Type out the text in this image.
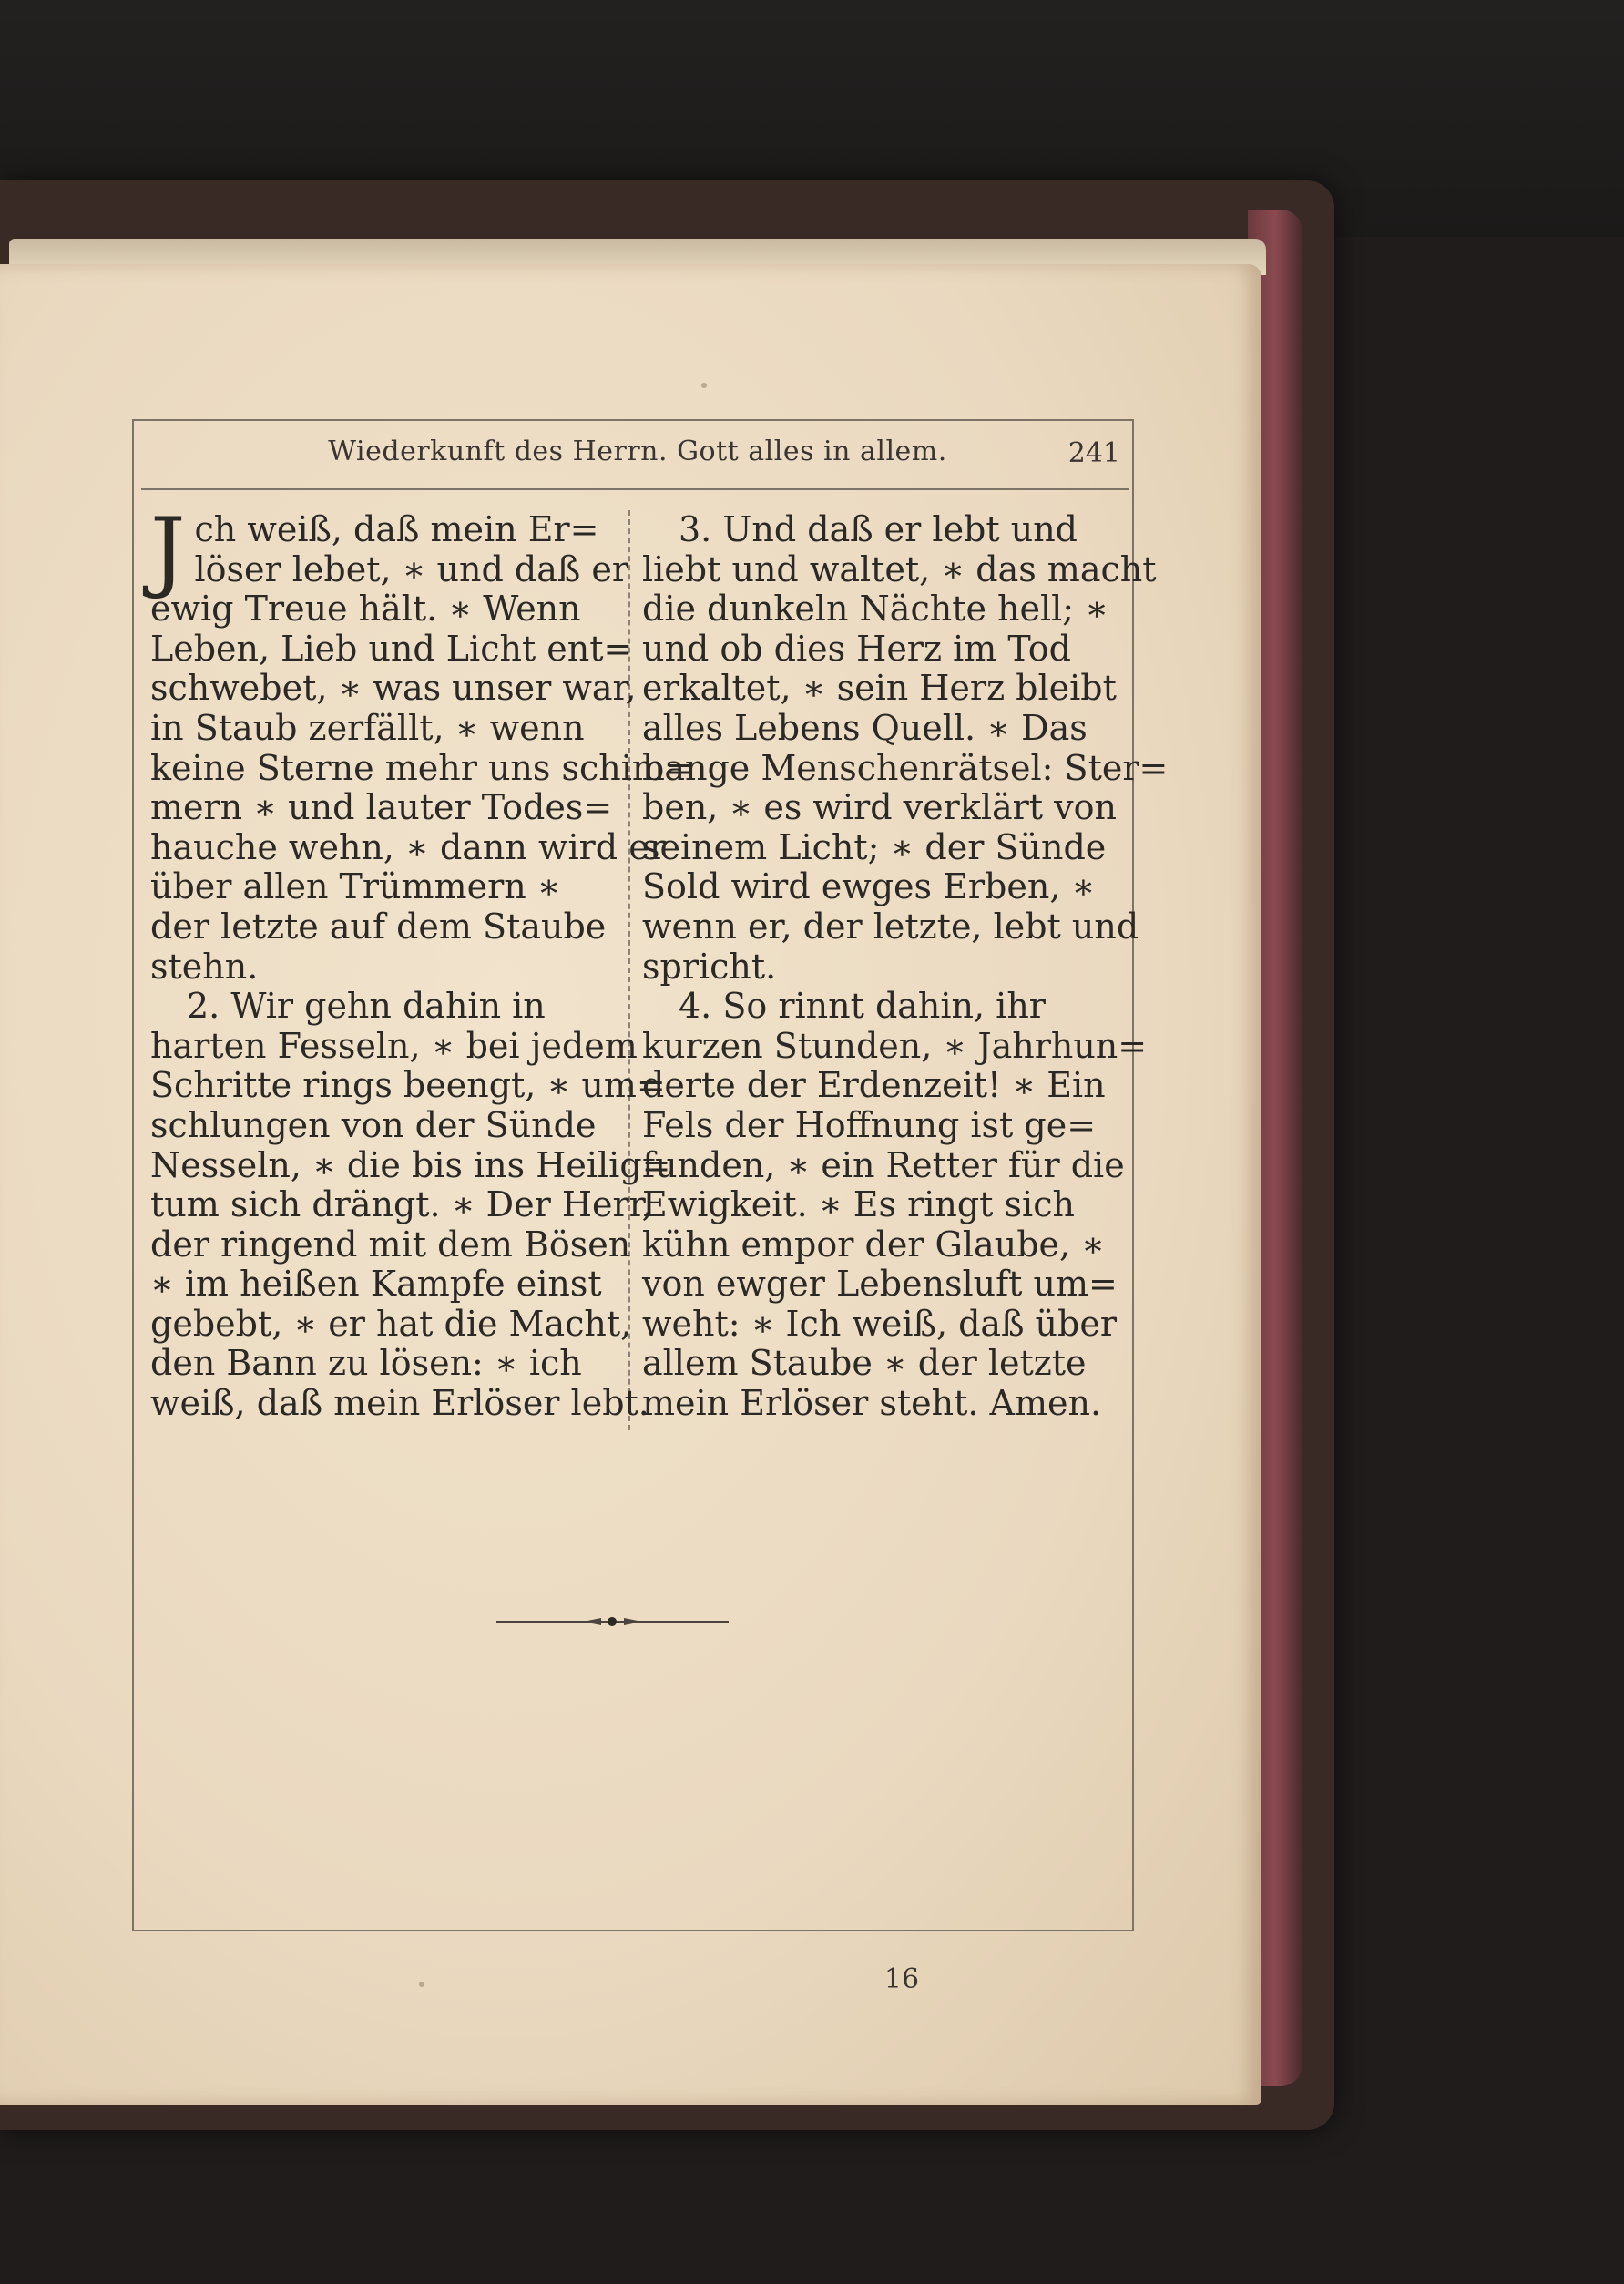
Wiederkunft des Herrn. Gott alles in allem.	241
J ch weiß, daß mein Er=
löser lebet, ∗ und daß er
ewig Treue hält. ∗ Wenn
Leben, Lieb und Licht ent=
schwebet, ∗ was unser war,
in Staub zerfällt, ∗ wenn
keine Sterne mehr uns schim=
mern ∗ und lauter Todes=
hauche wehn, ∗ dann wird er
über allen Trümmern ∗
der letzte auf dem Staube
stehn.
2. Wir gehn dahin in
harten Fesseln, ∗ bei jedem
Schritte rings beengt, ∗ um=
schlungen von der Sünde
Nesseln, ∗ die bis ins Heilig=
tum sich drängt. ∗ Der Herr,
der ringend mit dem Bösen
∗ im heißen Kampfe einst
gebebt, ∗ er hat die Macht,
den Bann zu lösen: ∗ ich
weiß, daß mein Erlöser lebt.
3. Und daß er lebt und
liebt und waltet, ∗ das macht
die dunkeln Nächte hell; ∗
und ob dies Herz im Tod
erkaltet, ∗ sein Herz bleibt
alles Lebens Quell. ∗ Das
bange Menschenrätsel: Ster=
ben, ∗ es wird verklärt von
seinem Licht; ∗ der Sünde
Sold wird ewges Erben, ∗
wenn er, der letzte, lebt und
spricht.
4. So rinnt dahin, ihr
kurzen Stunden, ∗ Jahrhun=
derte der Erdenzeit! ∗ Ein
Fels der Hoffnung ist ge=
funden, ∗ ein Retter für die
Ewigkeit. ∗ Es ringt sich
kühn empor der Glaube, ∗
von ewger Lebensluft um=
weht: ∗ Ich weiß, daß über
allem Staube ∗ der letzte
mein Erlöser steht. Amen.
16
